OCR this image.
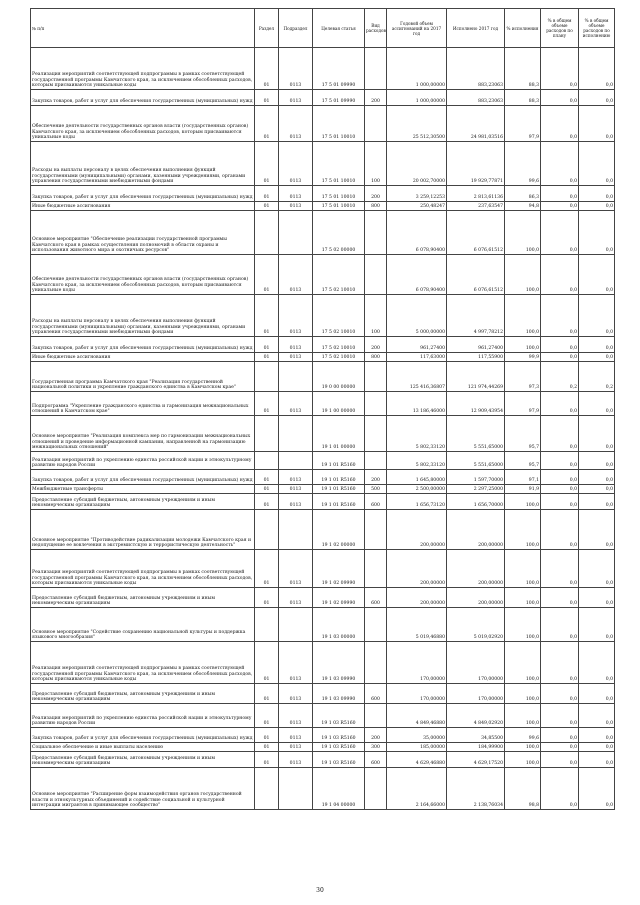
№ п/п	Раздел	Подраздел	Целевая статья	Вид расходов	Годовой объем ассигнований на 2017 год	Исполнено 2017 год	% исполнения	% в общем объеме расходов по плану	% в общем объеме расходов по исполнению
Реализация мероприятий соответствующей подпрограммы в рамках соответствующей государственной программы Камчатского края, за исключением обособленных расходов, которым присваиваются уникальные коды	01	0113	17 5 01 09990		1 000,00000	883,23063	88,3	0,0	0,0
Закупка товаров, работ и услуг для обеспечения государственных (муниципальных) нужд	01	0113	17 5 01 09990	200	1 000,00000	883,23063	88,3	0,0	0,0
Обеспечение деятельности государственных органов власти (государственных органов) Камчатского края, за исключением обособленных расходов, которым присваиваются уникальные коды	01	0113	17 5 01 10010		25 512,30500	24 981,03516	97,9	0,0	0,0
Расходы на выплаты персоналу в целях обеспечения выполнения функций государственными (муниципальными) органами, казенными учреждениями, органами управления государственными внебюджетными фондами	01	0113	17 5 01 10010	100	20 002,70000	19 929,77871	99,6	0,0	0,0
Закупка товаров, работ и услуг для обеспечения государственных (муниципальных) нужд	01	0113	17 5 01 10010	200	3 259,12253	2 813,61136	86,3	0,0	0,0
Иные бюджетные ассигнования	01	0113	17 5 01 10010	800	250,48247	237,63547	94,8	0,0	0,0
Основное мероприятие "Обеспечение реализации государственной программы Камчатского края в рамках осуществления полномочий в области охраны и использования животного мира и охотничьих ресурсов"			17 5 02 00000		6 078,90400	6 076,61512	100,0	0,0	0,0
Обеспечение деятельности государственных органов власти (государственных органов) Камчатского края, за исключением обособленных расходов, которым присваиваются уникальные коды	01	0113	17 5 02 10010		6 078,90400	6 076,61512	100,0	0,0	0,0
Расходы на выплаты персоналу в целях обеспечения выполнения функций государственными (муниципальными) органами, казенными учреждениями, органами управления государственными внебюджетными фондами	01	0113	17 5 02 10010	100	5 000,00000	4 997,78212	100,0	0,0	0,0
Закупка товаров, работ и услуг для обеспечения государственных (муниципальных) нужд	01	0113	17 5 02 10010	200	961,27400	961,27400	100,0	0,0	0,0
Иные бюджетные ассигнования	01	0113	17 5 02 10010	800	117,63000	117,55900	99,9	0,0	0,0
Государственная программа Камчатского края "Реализация государственной национальной политики и укрепление гражданского единства в Камчатском крае"			19 0 00 00000		125 416,36807	121 974,44269	97,3	0,2	0,2
Подпрограмма "Укрепление гражданского единства и гармонизация межнациональных отношений в Камчатском крае"	01	0113	19 1 00 00000		13 186,46000	12 909,43954	97,9	0,0	0,0
Основное мероприятие "Реализация комплекса мер по гармонизации межнациональных отношений и проведение информационной кампании, направленной на гармонизацию межнациональных отношений"			19 1 01 00000		5 802,33120	5 551,65000	95,7	0,0	0,0
Реализация мероприятий по укреплению единства российской нации и этнокультурному развитию народов России			19 1 01 R5160		5 802,33120	5 551,65000	95,7	0,0	0,0
Закупка товаров, работ и услуг для обеспечения государственных (муниципальных) нужд	01	0113	19 1 01 R5160	200	1 645,80000	1 597,70000	97,1	0,0	0,0
Межбюджетные трансферты	01	0113	19 1 01 R5160	500	2 500,00000	2 297,25000	91,9	0,0	0,0
Предоставление субсидий бюджетным, автономным учреждениям и иным некоммерческим организациям	01	0113	19 1 01 R5160	600	1 656,73120	1 656,70000	100,0	0,0	0,0
Основное мероприятие "Противодействие радикализации молодежи Камчатского края и недопущение ее вовлечения в экстремистскую и террористическую деятельность"			19 1 02 00000		200,00000	200,00000	100,0	0,0	0,0
Реализация мероприятий соответствующей подпрограммы в рамках соответствующей государственной программы Камчатского края, за исключением обособленных расходов, которым присваиваются уникальные коды	01	0113	19 1 02 09990		200,00000	200,00000	100,0	0,0	0,0
Предоставление субсидий бюджетным, автономным учреждениям и иным некоммерческим организациям	01	0113	19 1 02 09990	600	200,00000	200,00000	100,0	0,0	0,0
Основное мероприятие "Содействие сохранению национальной культуры и поддержка языкового многообразия"			19 1 03 00000		5 019,46880	5 019,02920	100,0	0,0	0,0
Реализация мероприятий соответствующей подпрограммы в рамках соответствующей государственной программы Камчатского края, за исключением обособленных расходов, которым присваиваются уникальные коды	01	0113	19 1 03 09990		170,00000	170,00000	100,0	0,0	0,0
Предоставление субсидий бюджетным, автономным учреждениям и иным некоммерческим организациям	01	0113	19 1 03 09990	600	170,00000	170,00000	100,0	0,0	0,0
Реализация мероприятий по укреплению единства российской нации и этнокультурному развитию народов России	01	0113	19 1 03 R5160		4 849,46880	4 849,02920	100,0	0,0	0,0
Закупка товаров, работ и услуг для обеспечения государственных (муниципальных) нужд	01	0113	19 1 03 R5160	200	35,00000	34,85500	99,6	0,0	0,0
Социальное обеспечение и иные выплаты населению	01	0113	19 1 03 R5160	300	185,00000	184,99900	100,0	0,0	0,0
Предоставление субсидий бюджетным, автономным учреждениям и иным некоммерческим организациям	01	0113	19 1 03 R5160	600	4 629,46880	4 629,17520	100,0	0,0	0,0
Основное мероприятие "Расширение форм взаимодействия органов государственной власти и этнокультурных объединений и содействие социальной и культурной интеграции мигрантов в принимающее сообщество"			19 1 04 00000		2 164,66000	2 138,76034	98,8	0,0	0,0
30
